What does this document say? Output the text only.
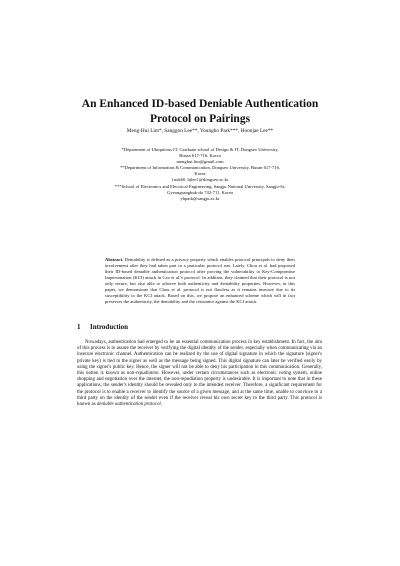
An Enhanced ID-based Deniable Authentication
Protocol on Pairings
Meng-Hui Lim*, Sanggon Lee**, Youngho Park***, Hoonjae Lee**
*Department of Ubiquitous IT, Graduate school of Design & IT, Dongseo University,
Busan 617-716, Korea
menghui.lim@gmail.com
**Department of Information & Communication, Dongseo University, Busan 617-716,
Korea
{nok60, hjlee}@dongseo.ac.kr
***School of Electronics and Electrical Engineering, Sangju National University, Sangju-Si,
Gyeongsangbuk-do 742-711, Korea
yhpark@sangju.ac.kr
Abstract. Deniability is defined as a privacy property which enables protocol principals to deny their involvement after they had taken part in a particular protocol run. Lately, Chou et al. had proposed their ID-based deniable authentication protocol after proving the vulnerability to Key-Compromise Impersonation (KCI) attack in Cao et al.'s protocol. In addition, they claimed that their protocol is not only secure, but also able to achieve both authenticity and deniability properties. However, in this paper, we demonstrate that Chou et al. protocol is not flawless as it remains insecure due to its susceptibility to the KCI attack. Based on this, we propose an enhanced scheme which will in fact preserves the authenticity, the deniability and the resistance against the KCI attack.
1 Introduction
Nowadays, authentication had emerged to be an essential communication process in key establishment. In fact, the aim of this process is to assure the receiver by verifying the digital identity of the sender, especially when communicating via an insecure electronic channel. Authentication can be realized by the use of digital signature in which the signature (signer's private key) is tied to the signer as well as the message being signed. This digital signature can later be verified easily by using the signer's public key. Hence, the signer will not be able to deny his participation in this communication. Generally, this notion is known as non-repudiation. However, under certain circumstances such as electronic voting system, online shopping and negotiation over the internet, the non-repudiation property is undesirable. It is important to note that in these applications, the sender's identity should be revealed only to the intended receiver. Therefore, a significant requirement for the protocol is to enable a receiver to identify the source of a given message, and at the same time, unable to convince to a third party on the identity of the sender even if the receiver reveal his own secret key to the third party. This protocol is known as deniable authentication protocol.
